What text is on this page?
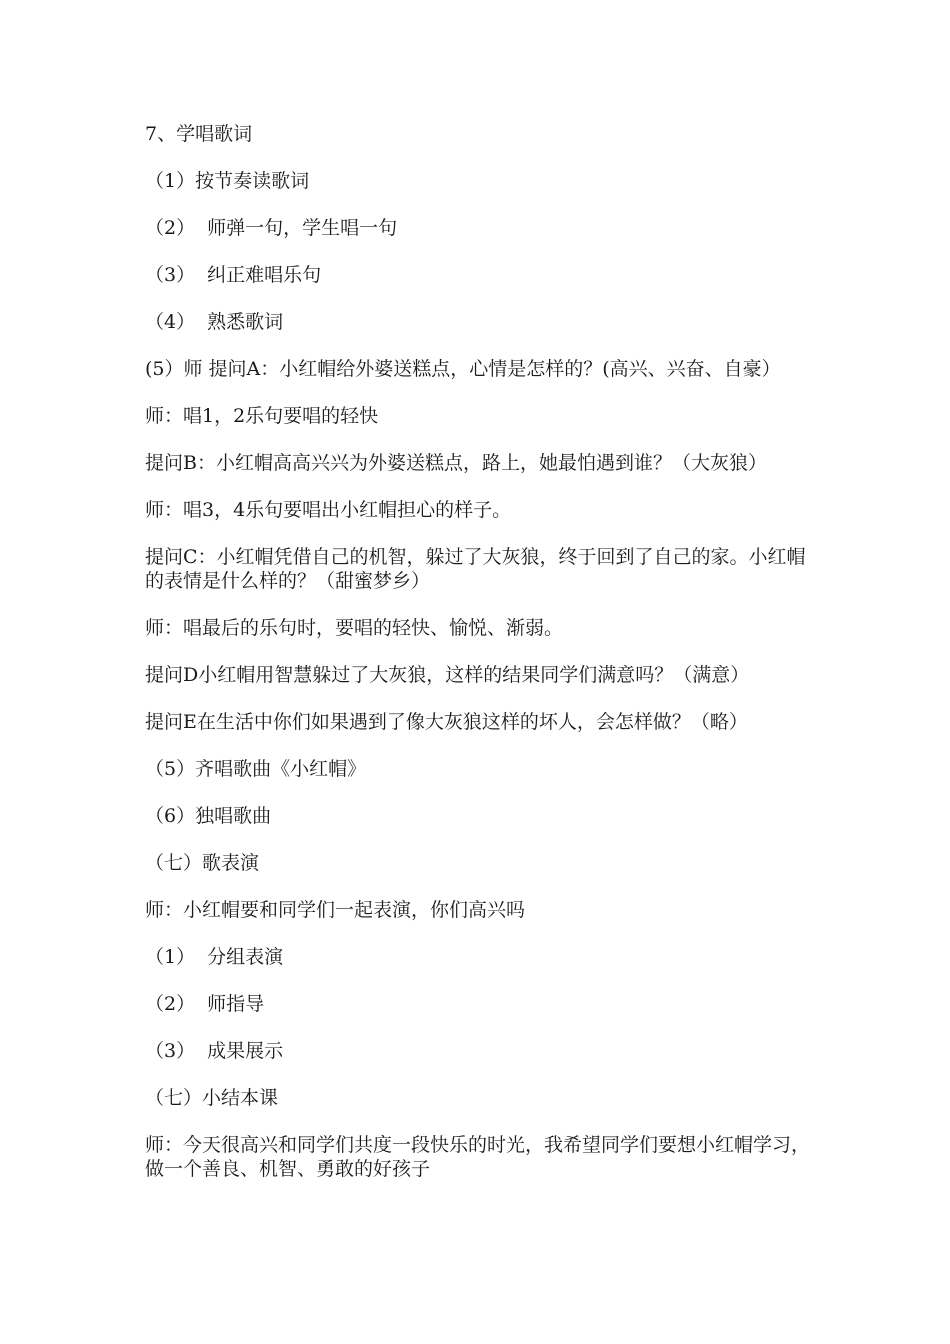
7、学唱歌词

（1）按节奏读歌词

（2）  师弹一句，学生唱一句

（3）  纠正难唱乐句

（4）  熟悉歌词

(5）师 提问A：小红帽给外婆送糕点，心情是怎样的？(高兴、兴奋、自豪）

师：唱1，2乐句要唱的轻快

提问B：小红帽高高兴兴为外婆送糕点，路上，她最怕遇到谁？（大灰狼）

师：唱3，4乐句要唱出小红帽担心的样子。

提问C：小红帽凭借自己的机智，躲过了大灰狼，终于回到了自己的家。小红帽的表情是什么样的？（甜蜜梦乡）

师：唱最后的乐句时，要唱的轻快、愉悦、渐弱。

提问D小红帽用智慧躲过了大灰狼，这样的结果同学们满意吗？（满意）

提问E在生活中你们如果遇到了像大灰狼这样的坏人，会怎样做？（略）

（5）齐唱歌曲《小红帽》

（6）独唱歌曲

（七）歌表演

师：小红帽要和同学们一起表演，你们高兴吗

（1）  分组表演

（2）  师指导

（3）  成果展示

（七）小结本课

师：今天很高兴和同学们共度一段快乐的时光，我希望同学们要想小红帽学习，做一个善良、机智、勇敢的好孩子
